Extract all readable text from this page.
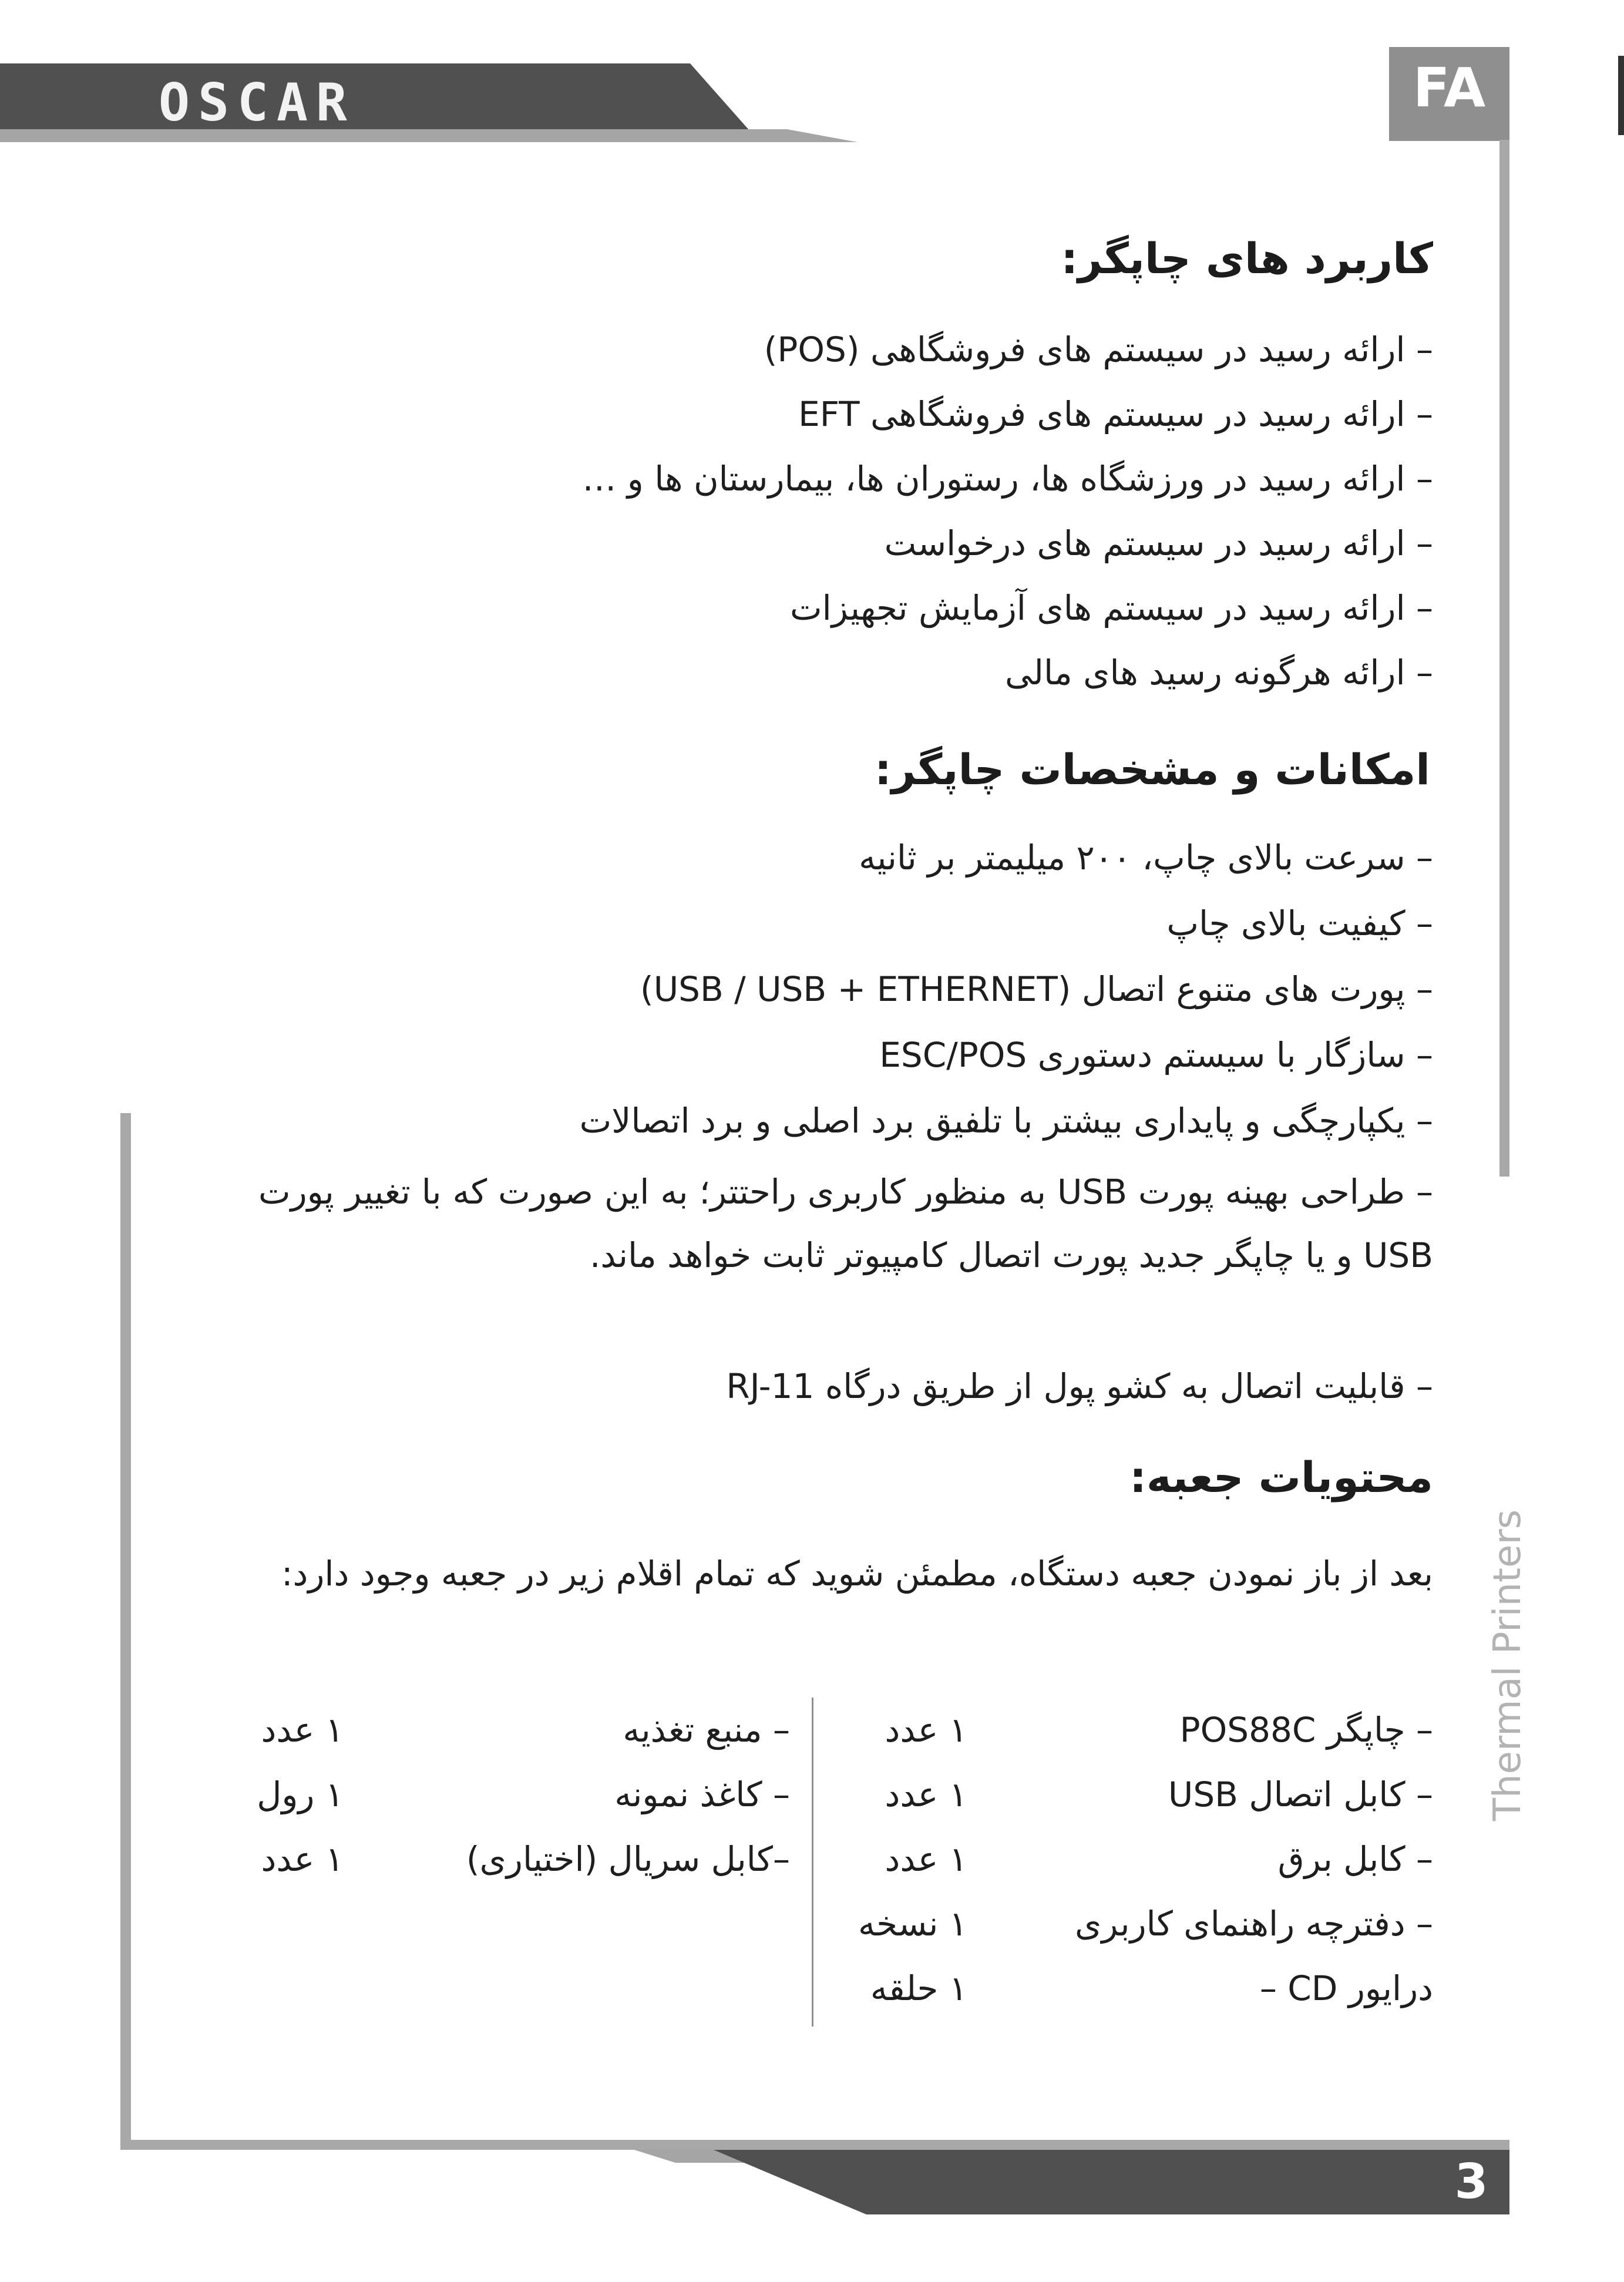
OSCAR	FA
کاربرد های چاپگر:
– ارائه رسید در سیستم های فروشگاهی (POS)
– ارائه رسید در سیستم های فروشگاهی EFT
– ارائه رسید در ورزشگاه ها، رستوران ها، بیمارستان ها و …
– ارائه رسید در سیستم های درخواست
– ارائه رسید در سیستم های آزمایش تجهیزات
– ارائه هرگونه رسید های مالی
امکانات و مشخصات چاپگر:
– سرعت بالای چاپ، ۲۰۰ میلیمتر بر ثانیه
– کیفیت بالای چاپ
– پورت های متنوع اتصال (USB / USB + ETHERNET)
– سازگار با سیستم دستوری ESC/POS
– یکپارچگی و پایداری بیشتر با تلفیق برد اصلی و برد اتصالات
– طراحی بهینه پورت USB به منظور کاربری راحتتر؛ به این صورت که با تغییر پورت USB و یا چاپگر جدید پورت اتصال کامپیوتر ثابت خواهد ماند.
– قابلیت اتصال به کشو پول از طریق درگاه RJ-11
محتویات جعبه:
بعد از باز نمودن جعبه دستگاه، مطمئن شوید که تمام اقلام زیر در جعبه وجود دارد:
– چاپگر POS88C
۱ عدد
– کابل اتصال USB
۱ عدد
– کابل برق
۱ عدد
– دفترچه راهنمای کاربری
۱ نسخه
– CD درایور
۱ حلقه
– منبع تغذیه
۱ عدد
– کاغذ نمونه
۱ رول
–کابل سریال (اختیاری)
۱ عدد
Thermal Printers
3
